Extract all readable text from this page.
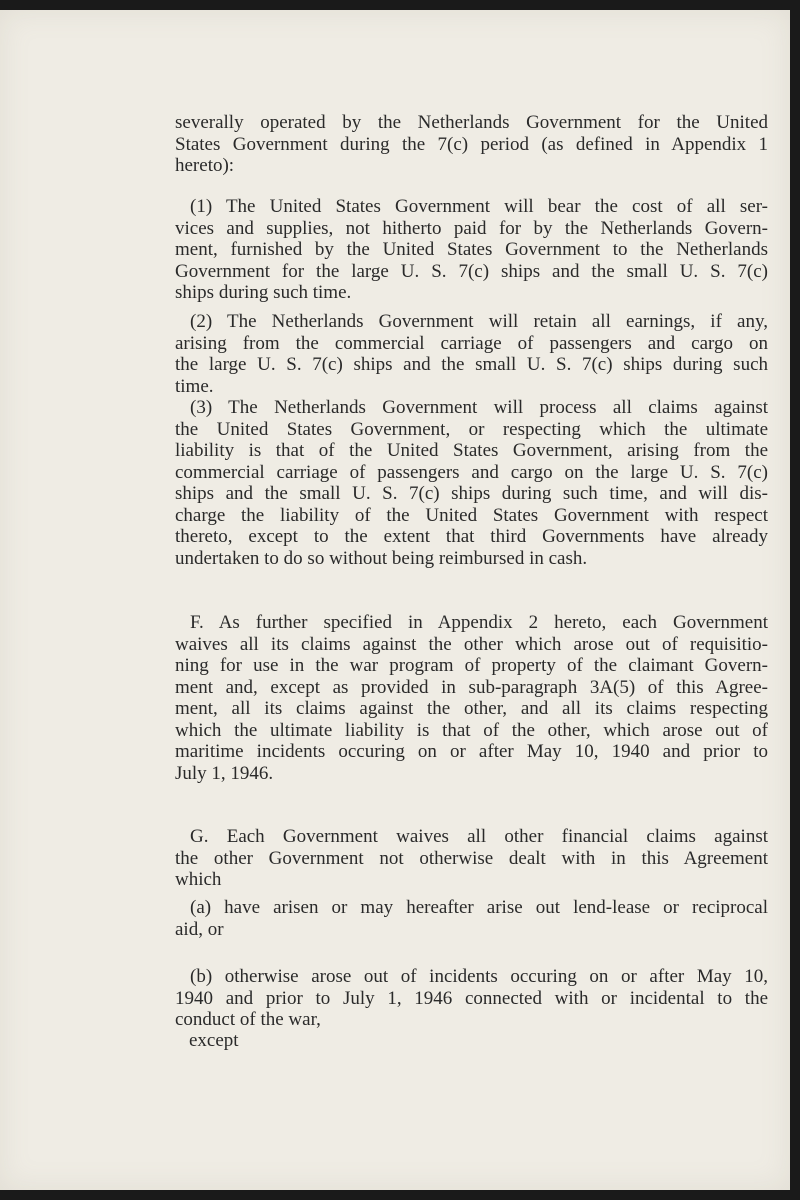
severally operated by the Netherlands Government for the United
States Government during the 7(c) period (as defined in Appendix 1
hereto):
(1) The United States Government will bear the cost of all ser-
vices and supplies, not hitherto paid for by the Netherlands Govern-
ment, furnished by the United States Government to the Netherlands
Government for the large U. S. 7(c) ships and the small U. S. 7(c)
ships during such time.
(2) The Netherlands Government will retain all earnings, if any,
arising from the commercial carriage of passengers and cargo on
the large U. S. 7(c) ships and the small U. S. 7(c) ships during such
time.
(3) The Netherlands Government will process all claims against
the United States Government, or respecting which the ultimate
liability is that of the United States Government, arising from the
commercial carriage of passengers and cargo on the large U. S. 7(c)
ships and the small U. S. 7(c) ships during such time, and will dis-
charge the liability of the United States Government with respect
thereto, except to the extent that third Governments have already
undertaken to do so without being reimbursed in cash.
F. As further specified in Appendix 2 hereto, each Government
waives all its claims against the other which arose out of requisitio-
ning for use in the war program of property of the claimant Govern-
ment and, except as provided in sub-paragraph 3A(5) of this Agree-
ment, all its claims against the other, and all its claims respecting
which the ultimate liability is that of the other, which arose out of
maritime incidents occuring on or after May 10, 1940 and prior to
July 1, 1946.
G. Each Government waives all other financial claims against
the other Government not otherwise dealt with in this Agreement
which
(a) have arisen or may hereafter arise out lend-lease or reciprocal
aid, or
(b) otherwise arose out of incidents occuring on or after May 10,
1940 and prior to July 1, 1946 connected with or incidental to the
conduct of the war,
except
